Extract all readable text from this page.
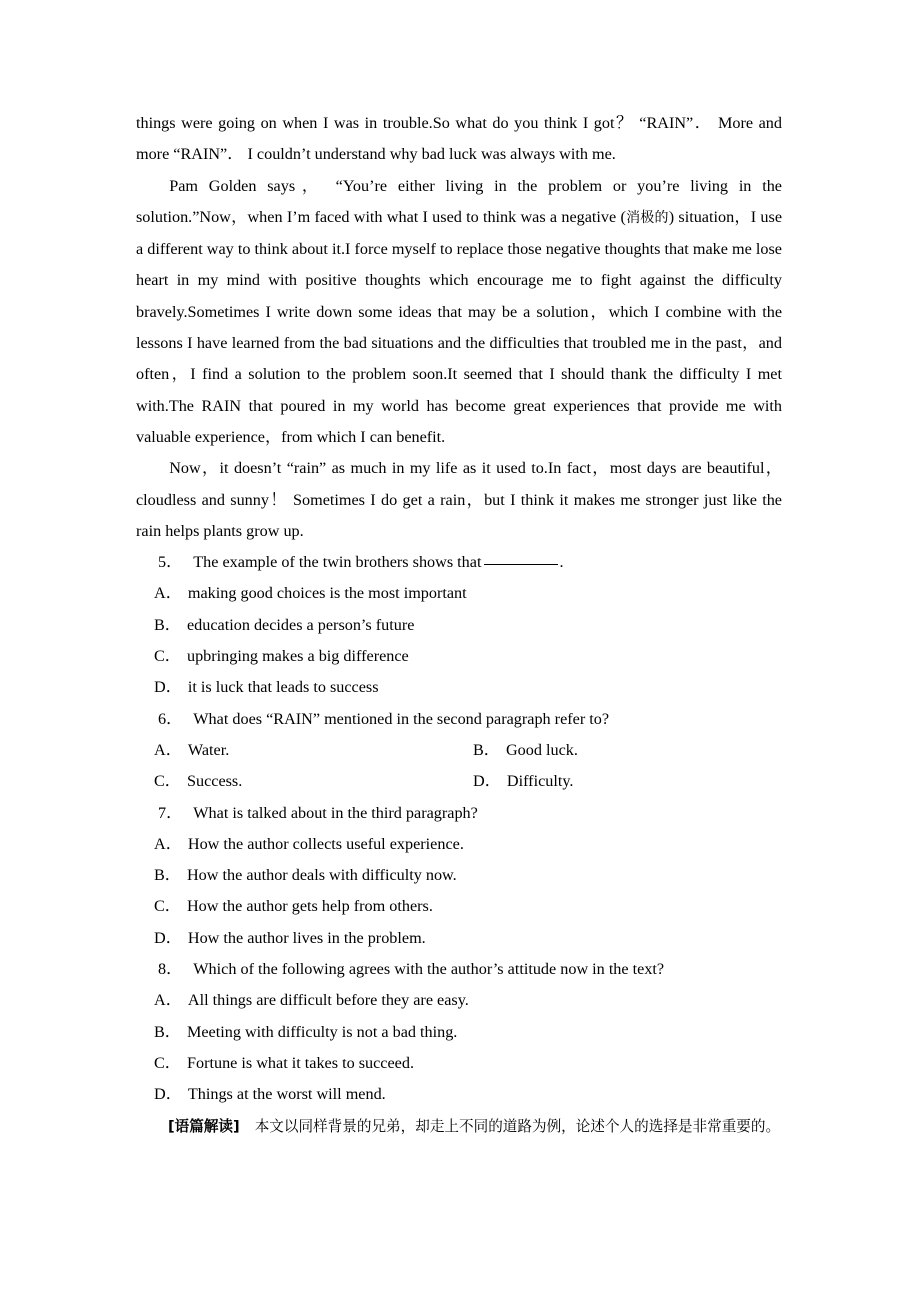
things were going on when I was in trouble.So what do you think I got？ “RAIN”． More and more “RAIN”． I couldn’t understand why bad luck was always with me.

Pam Golden says， “You’re either living in the problem or you’re living in the solution.”Now，when I’m faced with what I used to think was a negative (消极的) situation，I use a different way to think about it.I force myself to replace those negative thoughts that make me lose heart in my mind with positive thoughts which encourage me to fight against the difficulty bravely.Sometimes I write down some ideas that may be a solution，which I combine with the lessons I have learned from the bad situations and the difficulties that troubled me in the past，and often，I find a solution to the problem soon.It seemed that I should thank the difficulty I met with.The RAIN that poured in my world has become great experiences that provide me with valuable experience，from which I can benefit.

Now，it doesn’t “rain” as much in my life as it used to.In fact，most days are beautiful，cloudless and sunny！ Sometimes I do get a rain，but I think it makes me stronger just like the rain helps plants grow up.

5． The example of the twin brothers shows that	.
A． making good choices is the most important
B． education decides a person’s future
C． upbringing makes a big difference
D． it is luck that leads to success
6． What does “RAIN” mentioned in the second paragraph refer to?
A． Water.	B． Good luck.
C． Success.	D． Difficulty.
7． What is talked about in the third paragraph?
A． How the author collects useful experience.
B． How the author deals with difficulty now.
C． How the author gets help from others.
D． How the author lives in the problem.
8． Which of the following agrees with the author’s attitude now in the text?
A． All things are difficult before they are easy.
B． Meeting with difficulty is not a bad thing.
C． Fortune is what it takes to succeed.
D． Things at the worst will mend.

[语篇解读] 本文以同样背景的兄弟，却走上不同的道路为例，论述个人的选择是非常重要的。
